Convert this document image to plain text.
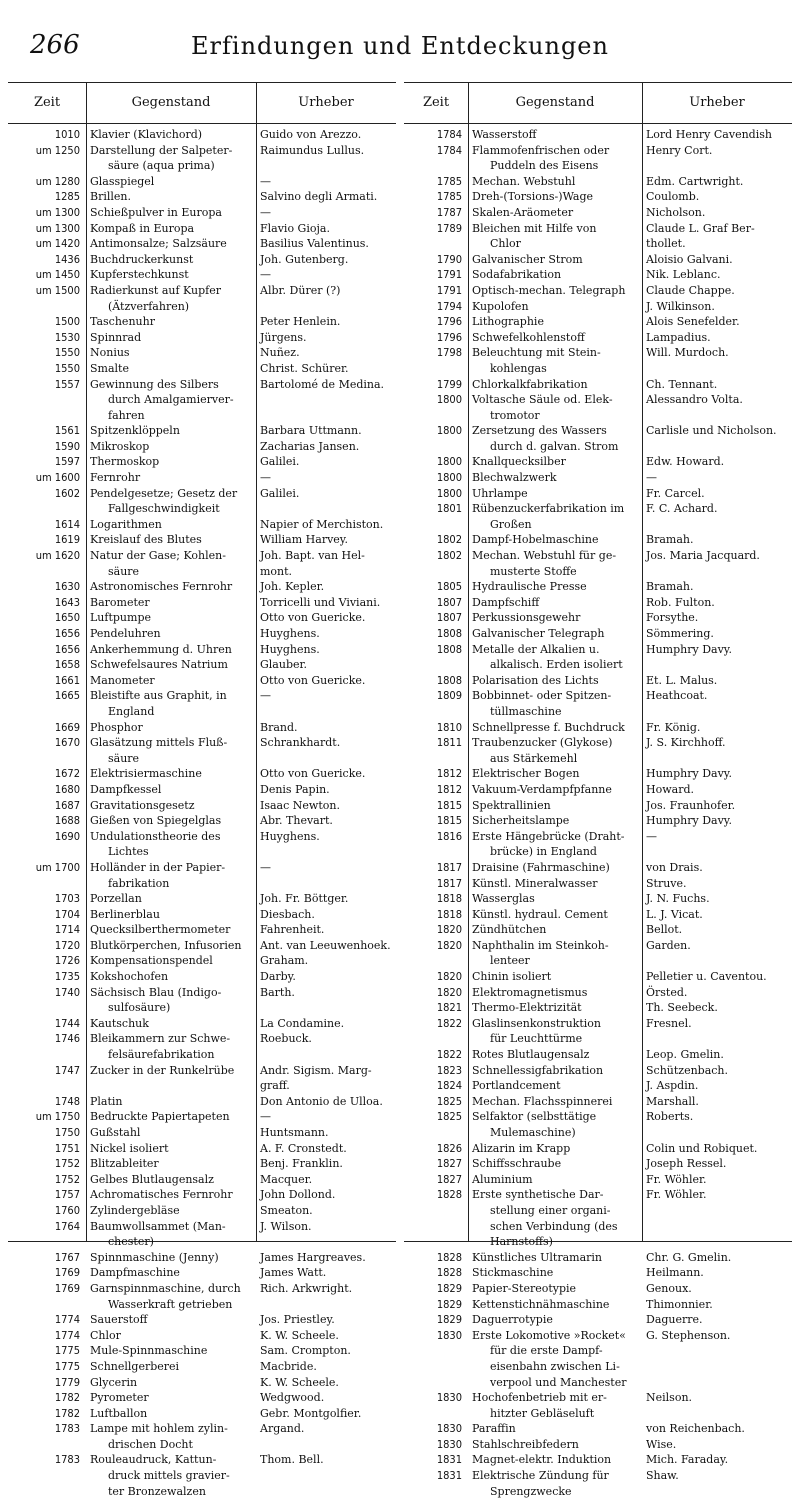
266	Erfindungen und Entdeckungen
Zeit	Gegenstand	Urheber
1010 Klavier (Klavichord)	Guido von Arezzo.
um 1250 Darstellung der Salpeter-	Raimundus Lullus.
säure (aqua prima)
um 1280 Glasspiegel	—
1285 Brillen.	Salvino degli Armati.
um 1300 Schießpulver in Europa	—
um 1300 Kompaß in Europa	Flavio Gioja.
um 1420 Antimonsalze; Salzsäure	Basilius Valentinus.
1436 Buchdruckerkunst	Joh. Gutenberg.
um 1450 Kupferstechkunst	—
um 1500 Radierkunst auf Kupfer	Albr. Dürer (?)
(Ätzverfahren)
1500 Taschenuhr	Peter Henlein.
1530 Spinnrad	Jürgens.
1550 Nonius	Nuñez.
1550 Smalte	Christ. Schürer.
1557 Gewinnung des Silbers	Bartolomé de Medina.
durch Amalgamierver-
fahren
1561 Spitzenklöppeln	Barbara Uttmann.
1590 Mikroskop	Zacharias Jansen.
1597 Thermoskop	Galilei.
um 1600 Fernrohr	—
1602 Pendelgesetze; Gesetz der	Galilei.
Fallgeschwindigkeit
1614 Logarithmen	Napier of Merchiston.
1619 Kreislauf des Blutes	William Harvey.
um 1620 Natur der Gase; Kohlen-	Joh. Bapt. van Hel-
säure	mont.
1630 Astronomisches Fernrohr	Joh. Kepler.
1643 Barometer	Torricelli und Viviani.
1650 Luftpumpe	Otto von Guericke.
1656 Pendeluhren	Huyghens.
1656 Ankerhemmung d. Uhren	Huyghens.
1658 Schwefelsaures Natrium	Glauber.
1661 Manometer	Otto von Guericke.
1665 Bleistifte aus Graphit, in	—
England
1669 Phosphor	Brand.
1670 Glasätzung mittels Fluß-	Schrankhardt.
säure
1672 Elektrisiermaschine	Otto von Guericke.
1680 Dampfkessel	Denis Papin.
1687 Gravitationsgesetz	Isaac Newton.
1688 Gießen von Spiegelglas	Abr. Thevart.
1690 Undulationstheorie des	Huyghens.
Lichtes
um 1700 Holländer in der Papier-	—
fabrikation
1703 Porzellan	Joh. Fr. Böttger.
1704 Berlinerblau	Diesbach.
1714 Quecksilberthermometer	Fahrenheit.
1720 Blutkörperchen, Infusorien	Ant. van Leeuwenhoek.
1726 Kompensationspendel	Graham.
1735 Kokshochofen	Darby.
1740 Sächsisch Blau (Indigo-	Barth.
sulfosäure)
1744 Kautschuk	La Condamine.
1746 Bleikammern zur Schwe-	Roebuck.
felsäurefabrikation
1747 Zucker in der Runkelrübe	Andr. Sigism. Marg-
graff.
1748 Platin	Don Antonio de Ulloa.
um 1750 Bedruckte Papiertapeten	—
1750 Gußstahl	Huntsmann.
1751 Nickel isoliert	A. F. Cronstedt.
1752 Blitzableiter	Benj. Franklin.
1752 Gelbes Blutlaugensalz	Macquer.
1757 Achromatisches Fernrohr	John Dollond.
1760 Zylindergebläse	Smeaton.
1764 Baumwollsammet (Man-	J. Wilson.
chester)
1767 Spinnmaschine (Jenny)	James Hargreaves.
1769 Dampfmaschine	James Watt.
1769 Garnspinnmaschine, durch	Rich. Arkwright.
Wasserkraft getrieben
1774 Sauerstoff	Jos. Priestley.
1774 Chlor	K. W. Scheele.
1775 Mule-Spinnmaschine	Sam. Crompton.
1775 Schnellgerberei	Macbride.
1779 Glycerin	K. W. Scheele.
1782 Pyrometer	Wedgwood.
1782 Luftballon	Gebr. Montgolfier.
1783 Lampe mit hohlem zylin-	Argand.
drischen Docht
1783 Rouleaudruck, Kattun-	Thom. Bell.
druck mittels gravier-
ter Bronzewalzen
Zeit	Gegenstand	Urheber
1784 Wasserstoff	Lord Henry Cavendish
1784 Flammofenfrischen oder	Henry Cort.
Puddeln des Eisens
1785 Mechan. Webstuhl	Edm. Cartwright.
1785 Dreh-(Torsions-)Wage	Coulomb.
1787 Skalen-Aräometer	Nicholson.
1789 Bleichen mit Hilfe von	Claude L. Graf Ber-
Chlor	thollet.
1790 Galvanischer Strom	Aloisio Galvani.
1791 Sodafabrikation	Nik. Leblanc.
1791 Optisch-mechan. Telegraph	Claude Chappe.
1794 Kupolofen	J. Wilkinson.
1796 Lithographie	Alois Senefelder.
1796 Schwefelkohlenstoff	Lampadius.
1798 Beleuchtung mit Stein-	Will. Murdoch.
kohlengas
1799 Chlorkalkfabrikation	Ch. Tennant.
1800 Voltasche Säule od. Elek-	Alessandro Volta.
tromotor
1800 Zersetzung des Wassers	Carlisle und Nicholson.
durch d. galvan. Strom
1800 Knallquecksilber	Edw. Howard.
1800 Blechwalzwerk	—
1800 Uhrlampe	Fr. Carcel.
1801 Rübenzuckerfabrikation im	F. C. Achard.
Großen
1802 Dampf-Hobelmaschine	Bramah.
1802 Mechan. Webstuhl für ge-	Jos. Maria Jacquard.
musterte Stoffe
1805 Hydraulische Presse	Bramah.
1807 Dampfschiff	Rob. Fulton.
1807 Perkussionsgewehr	Forsythe.
1808 Galvanischer Telegraph	Sömmering.
1808 Metalle der Alkalien u.	Humphry Davy.
alkalisch. Erden isoliert
1808 Polarisation des Lichts	Et. L. Malus.
1809 Bobbinnet- oder Spitzen-	Heathcoat.
tüllmaschine
1810 Schnellpresse f. Buchdruck	Fr. König.
1811 Traubenzucker (Glykose)	J. S. Kirchhoff.
aus Stärkemehl
1812 Elektrischer Bogen	Humphry Davy.
1812 Vakuum-Verdampfpfanne	Howard.
1815 Spektrallinien	Jos. Fraunhofer.
1815 Sicherheitslampe	Humphry Davy.
1816 Erste Hängebrücke (Draht-	—
brücke) in England
1817 Draisine (Fahrmaschine)	von Drais.
1817 Künstl. Mineralwasser	Struve.
1818 Wasserglas	J. N. Fuchs.
1818 Künstl. hydraul. Cement	L. J. Vicat.
1820 Zündhütchen	Bellot.
1820 Naphthalin im Steinkoh-	Garden.
lenteer
1820 Chinin isoliert	Pelletier u. Caventou.
1820 Elektromagnetismus	Örsted.
1821 Thermo-Elektrizität	Th. Seebeck.
1822 Glaslinsenkonstruktion	Fresnel.
für Leuchttürme
1822 Rotes Blutlaugensalz	Leop. Gmelin.
1823 Schnellessigfabrikation	Schützenbach.
1824 Portlandcement	J. Aspdin.
1825 Mechan. Flachsspinnerei	Marshall.
1825 Selfaktor (selbsttätige	Roberts.
Mulemaschine)
1826 Alizarin im Krapp	Colin und Robiquet.
1827 Schiffsschraube	Joseph Ressel.
1827 Aluminium	Fr. Wöhler.
1828 Erste synthetische Dar-	Fr. Wöhler.
stellung einer organi-
schen Verbindung (des
Harnstoffs)
1828 Künstliches Ultramarin	Chr. G. Gmelin.
1828 Stickmaschine	Heilmann.
1829 Papier-Stereotypie	Genoux.
1829 Kettenstichnähmaschine	Thimonnier.
1829 Daguerrotypie	Daguerre.
1830 Erste Lokomotive »Rocket«	G. Stephenson.
für die erste Dampf-
eisenbahn zwischen Li-
verpool und Manchester
1830 Hochofenbetrieb mit er-	Neilson.
hitzter Gebläseluft
1830 Paraffin	von Reichenbach.
1830 Stahlschreibfedern	Wise.
1831 Magnet-elektr. Induktion	Mich. Faraday.
1831 Elektrische Zündung für	Shaw.
Sprengzwecke
